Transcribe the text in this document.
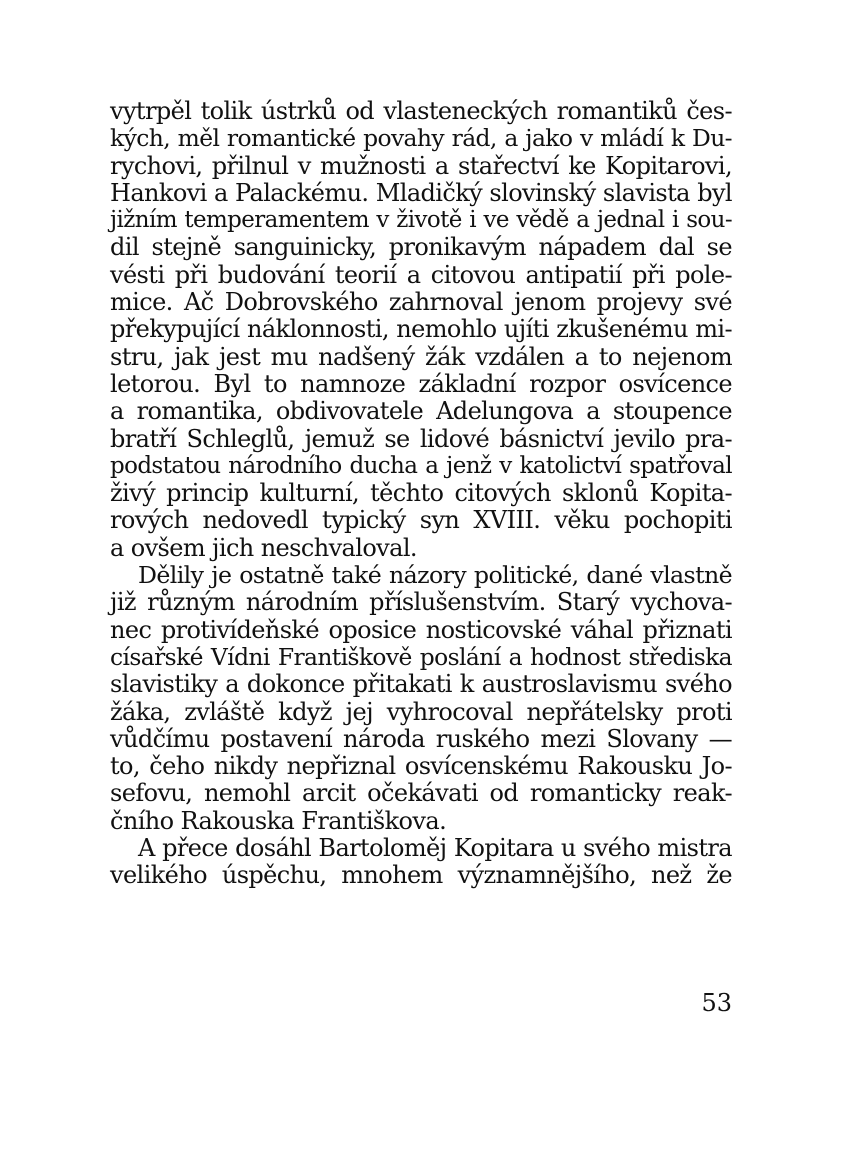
vytrpěl tolik ústrků od vlasteneckých romantiků čes-
kých, měl romantické povahy rád, a jako v mládí k Du-
rychovi, přilnul v mužnosti a stařectví ke Kopitarovi,
Hankovi a Palackému. Mladičký slovinský slavista byl
jižním temperamentem v životě i ve vědě a jednal i sou-
dil stejně sanguinicky, pronikavým nápadem dal se
vésti při budování teorií a citovou antipatií při pole-
mice. Ač Dobrovského zahrnoval jenom projevy své
překypující náklonnosti, nemohlo ujíti zkušenému mi-
stru, jak jest mu nadšený žák vzdálen a to nejenom
letorou. Byl to namnoze základní rozpor osvícence
a romantika, obdivovatele Adelungova a stoupence
bratří Schleglů, jemuž se lidové básnictví jevilo pra-
podstatou národního ducha a jenž v katolictví spatřoval
živý princip kulturní, těchto citových sklonů Kopita-
rových nedovedl typický syn XVIII. věku pochopiti
a ovšem jich neschvaloval.
Dělily je ostatně také názory politické, dané vlastně
již různým národním příslušenstvím. Starý vychova-
nec protivídeňské oposice nosticovské váhal přiznati
císařské Vídni Františkově poslání a hodnost střediska
slavistiky a dokonce přitakati k austroslavismu svého
žáka, zvláště když jej vyhrocoval nepřátelsky proti
vůdčímu postavení národa ruského mezi Slovany —
to, čeho nikdy nepřiznal osvícenskému Rakousku Jo-
sefovu, nemohl arcit očekávati od romanticky reak-
čního Rakouska Františkova.
A přece dosáhl Bartoloměj Kopitara u svého mistra
velikého úspěchu, mnohem významnějšího, než že
53
